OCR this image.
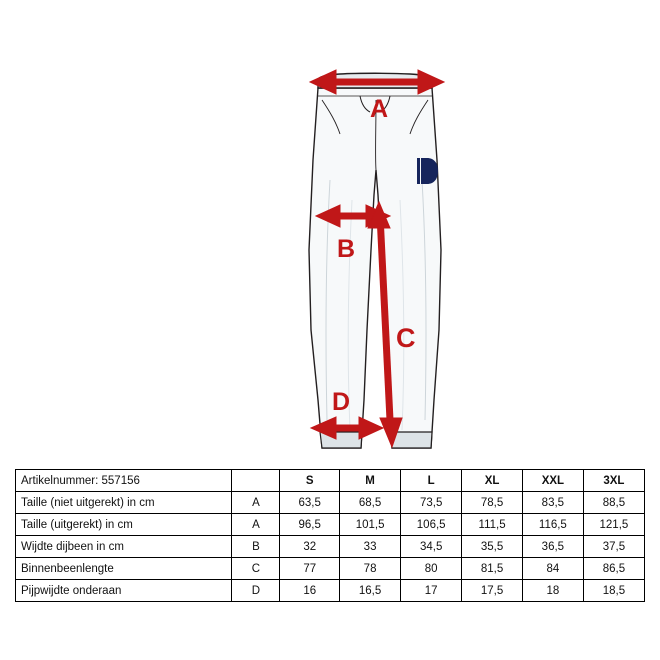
A
B
C
D
Artikelnummer: 557156		S	M	L	XL	XXL	3XL
Taille (niet uitgerekt) in cm	A	63,5	68,5	73,5	78,5	83,5	88,5
Taille (uitgerekt) in cm	A	96,5	101,5	106,5	111,5	116,5	121,5
Wijdte dijbeen in cm	B	32	33	34,5	35,5	36,5	37,5
Binnenbeenlengte	C	77	78	80	81,5	84	86,5
Pijpwijdte onderaan	D	16	16,5	17	17,5	18	18,5
